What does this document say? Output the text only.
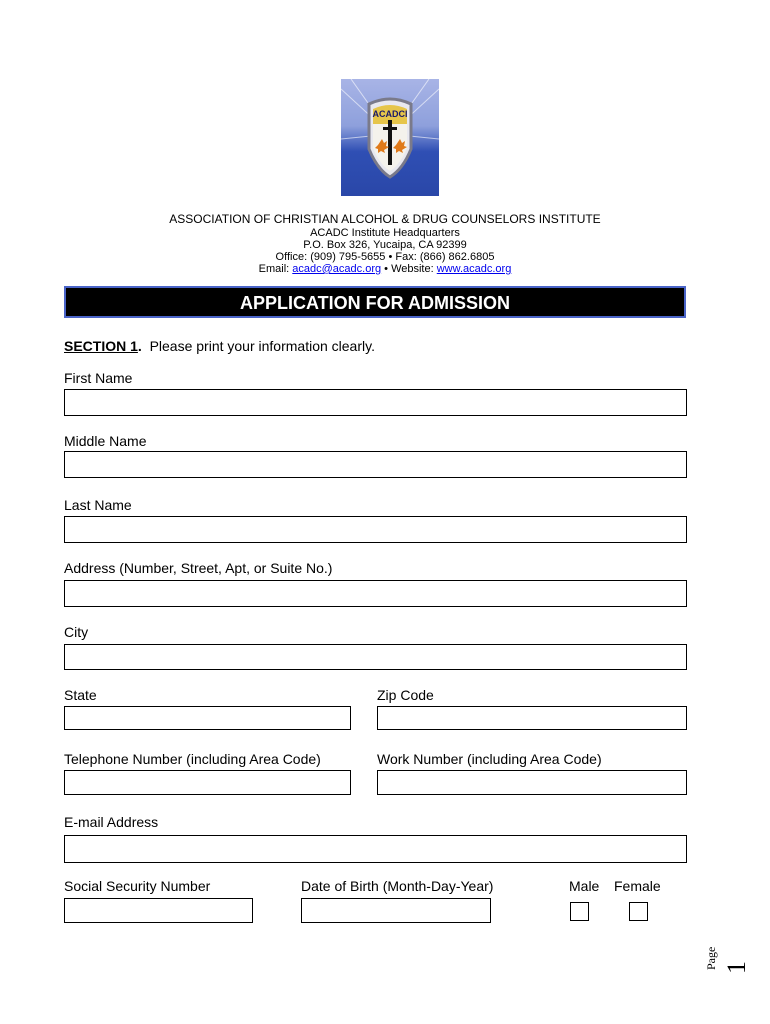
ACADCI
ASSOCIATION OF CHRISTIAN ALCOHOL & DRUG COUNSELORS INSTITUTE
ACADC Institute Headquarters
P.O. Box 326, Yucaipa, CA 92399
Office: (909) 795-5655 • Fax: (866) 862.6805
Email: acadc@acadc.org • Website: www.acadc.org
APPLICATION FOR ADMISSION
SECTION 1.  Please print your information clearly.
First Name
Middle Name
Last Name
Address (Number, Street, Apt, or Suite No.)
City
State	Zip Code
Telephone Number (including Area Code)	Work Number (including Area Code)
E-mail Address
Social Security Number	Date of Birth (Month-Day-Year)	Male Female
Page 1
